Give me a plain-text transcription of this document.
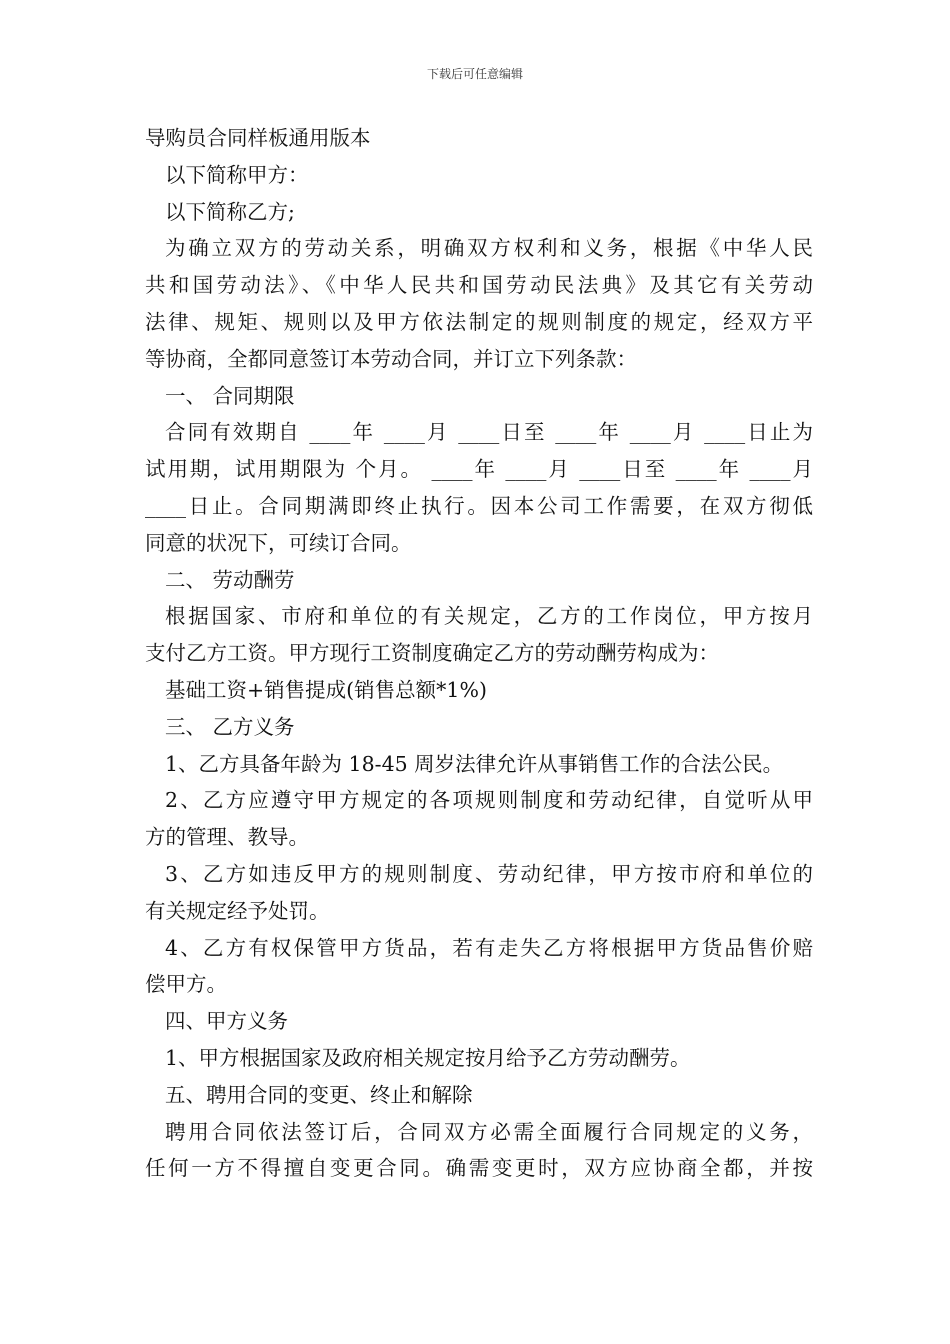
下载后可任意编辑
导购员合同样板通用版本
以下简称甲方：
以下简称乙方;
为确立双方的劳动关系，明确双方权利和义务，根据《中华人民
共和国劳动法》、《中华人民共和国劳动民法典》及其它有关劳动
法律、规矩、规则以及甲方依法制定的规则制度的规定，经双方平
等协商，全都同意签订本劳动合同，并订立下列条款：
一、 合同期限
合同有效期自 ____年 ____月 ____日至 ____年 ____月 ____日止为
试用期，试用期限为 个月。 ____年 ____月 ____日至 ____年 ____月
____日止。合同期满即终止执行。因本公司工作需要，在双方彻低
同意的状况下，可续订合同。
二、 劳动酬劳
根据国家、市府和单位的有关规定，乙方的工作岗位，甲方按月
支付乙方工资。甲方现行工资制度确定乙方的劳动酬劳构成为：
基础工资+销售提成(销售总额*1%)
三、 乙方义务
1、乙方具备年龄为 18-45 周岁法律允许从事销售工作的合法公民。
2、乙方应遵守甲方规定的各项规则制度和劳动纪律，自觉听从甲
方的管理、教导。
3、乙方如违反甲方的规则制度、劳动纪律，甲方按市府和单位的
有关规定经予处罚。
4、乙方有权保管甲方货品，若有走失乙方将根据甲方货品售价赔
偿甲方。
四、甲方义务
1、甲方根据国家及政府相关规定按月给予乙方劳动酬劳。
五、聘用合同的变更、终止和解除
聘用合同依法签订后，合同双方必需全面履行合同规定的义务，
任何一方不得擅自变更合同。确需变更时，双方应协商全都，并按
